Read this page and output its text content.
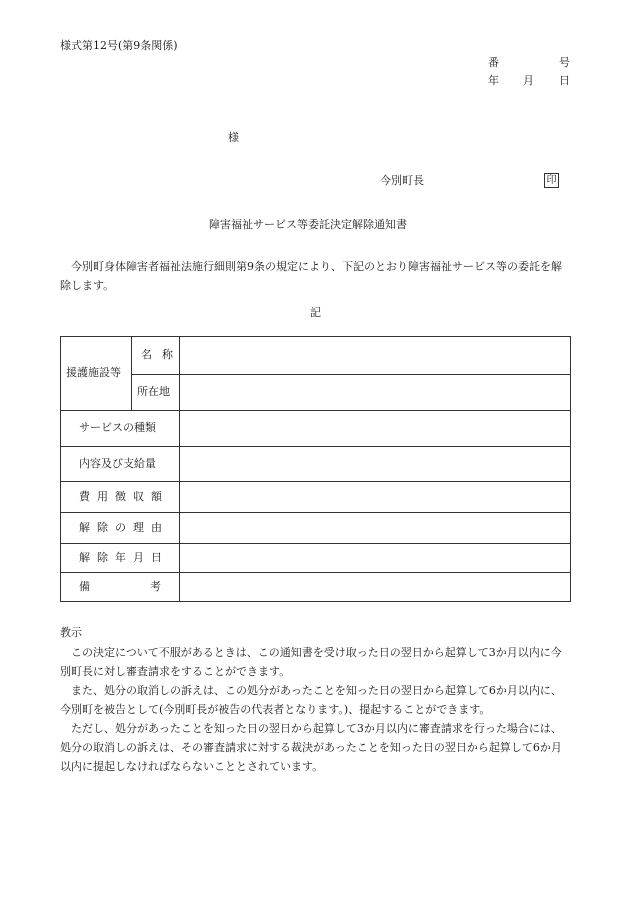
様式第12号(第9条関係)
番	号
年 月 日
様
今別町長	印
障害福祉サービス等委託決定解除通知書
今別町身体障害者福祉法施行細則第9条の規定により、下記のとおり障害福祉サービス等の委託を解除します。
記
援護施設等
名 称
所在地
サービスの種類
内容及び支給量
費用徴収額
解除の理由
解除年月日
備	考
教示
この決定について不服があるときは、この通知書を受け取った日の翌日から起算して3か月以内に今別町長に対し審査請求をすることができます。
また、処分の取消しの訴えは、この処分があったことを知った日の翌日から起算して6か月以内に、今別町を被告として(今別町長が被告の代表者となります。)、提起することができます。
ただし、処分があったことを知った日の翌日から起算して3か月以内に審査請求を行った場合には、処分の取消しの訴えは、その審査請求に対する裁決があったことを知った日の翌日から起算して6か月以内に提起しなければならないこととされています。
